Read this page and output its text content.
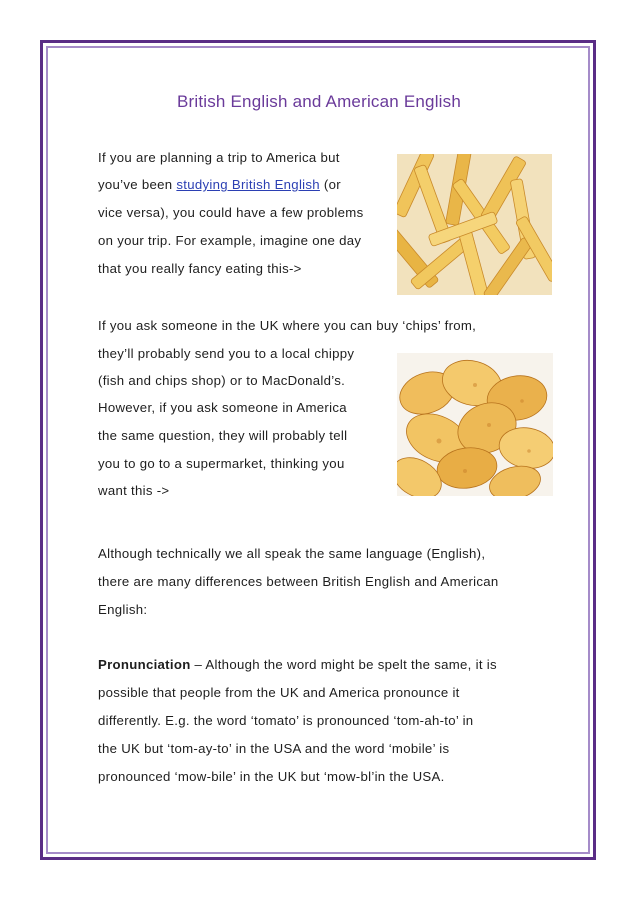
British English and American English
If you are planning a trip to America but
you’ve been studying British English (or
vice versa), you could have a few problems
on your trip. For example, imagine one day
that you really fancy eating this->
If you ask someone in the UK where you can buy ‘chips’ from,
they’ll probably send you to a local chippy
(fish and chips shop) or to MacDonald’s.
However, if you ask someone in America
the same question, they will probably tell
you to go to a supermarket, thinking you
want this ->
Although technically we all speak the same language (English),
there are many differences between British English and American
English:
Pronunciation – Although the word might be spelt the same, it is
possible that people from the UK and America pronounce it
differently. E.g. the word ‘tomato’ is pronounced ‘tom-ah-to’ in
the UK but ‘tom-ay-to’ in the USA and the word ‘mobile’ is
pronounced ‘mow-bile’ in the UK but ‘mow-bl’in the USA.
